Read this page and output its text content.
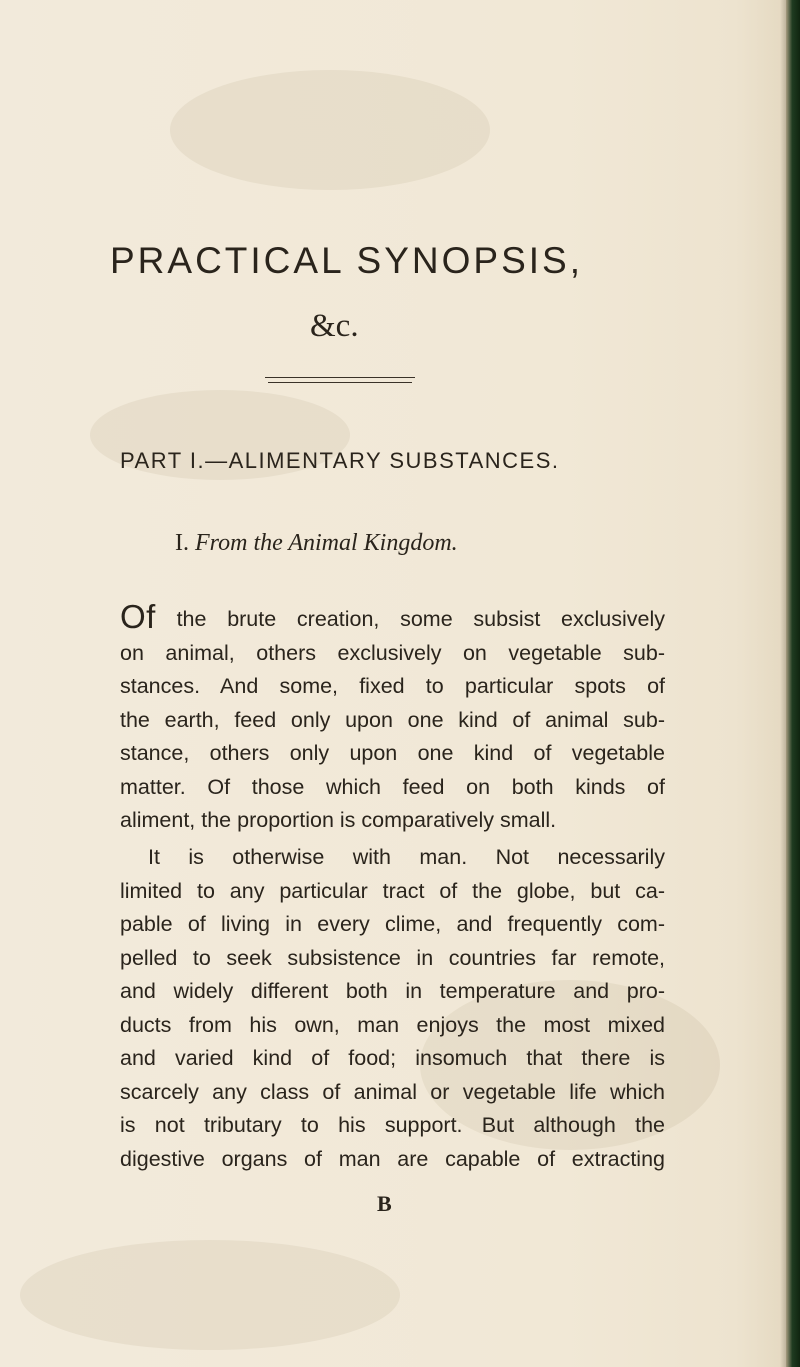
PRACTICAL SYNOPSIS,
&c.
PART I.—ALIMENTARY SUBSTANCES.
I. From the Animal Kingdom.
Of the brute creation, some subsist exclusively
on animal, others exclusively on vegetable sub-
stances. And some, fixed to particular spots of
the earth, feed only upon one kind of animal sub-
stance, others only upon one kind of vegetable
matter. Of those which feed on both kinds of
aliment, the proportion is comparatively small.
It is otherwise with man. Not necessarily
limited to any particular tract of the globe, but ca-
pable of living in every clime, and frequently com-
pelled to seek subsistence in countries far remote,
and widely different both in temperature and pro-
ducts from his own, man enjoys the most mixed
and varied kind of food; insomuch that there is
scarcely any class of animal or vegetable life which
is not tributary to his support. But although the
digestive organs of man are capable of extracting
B
